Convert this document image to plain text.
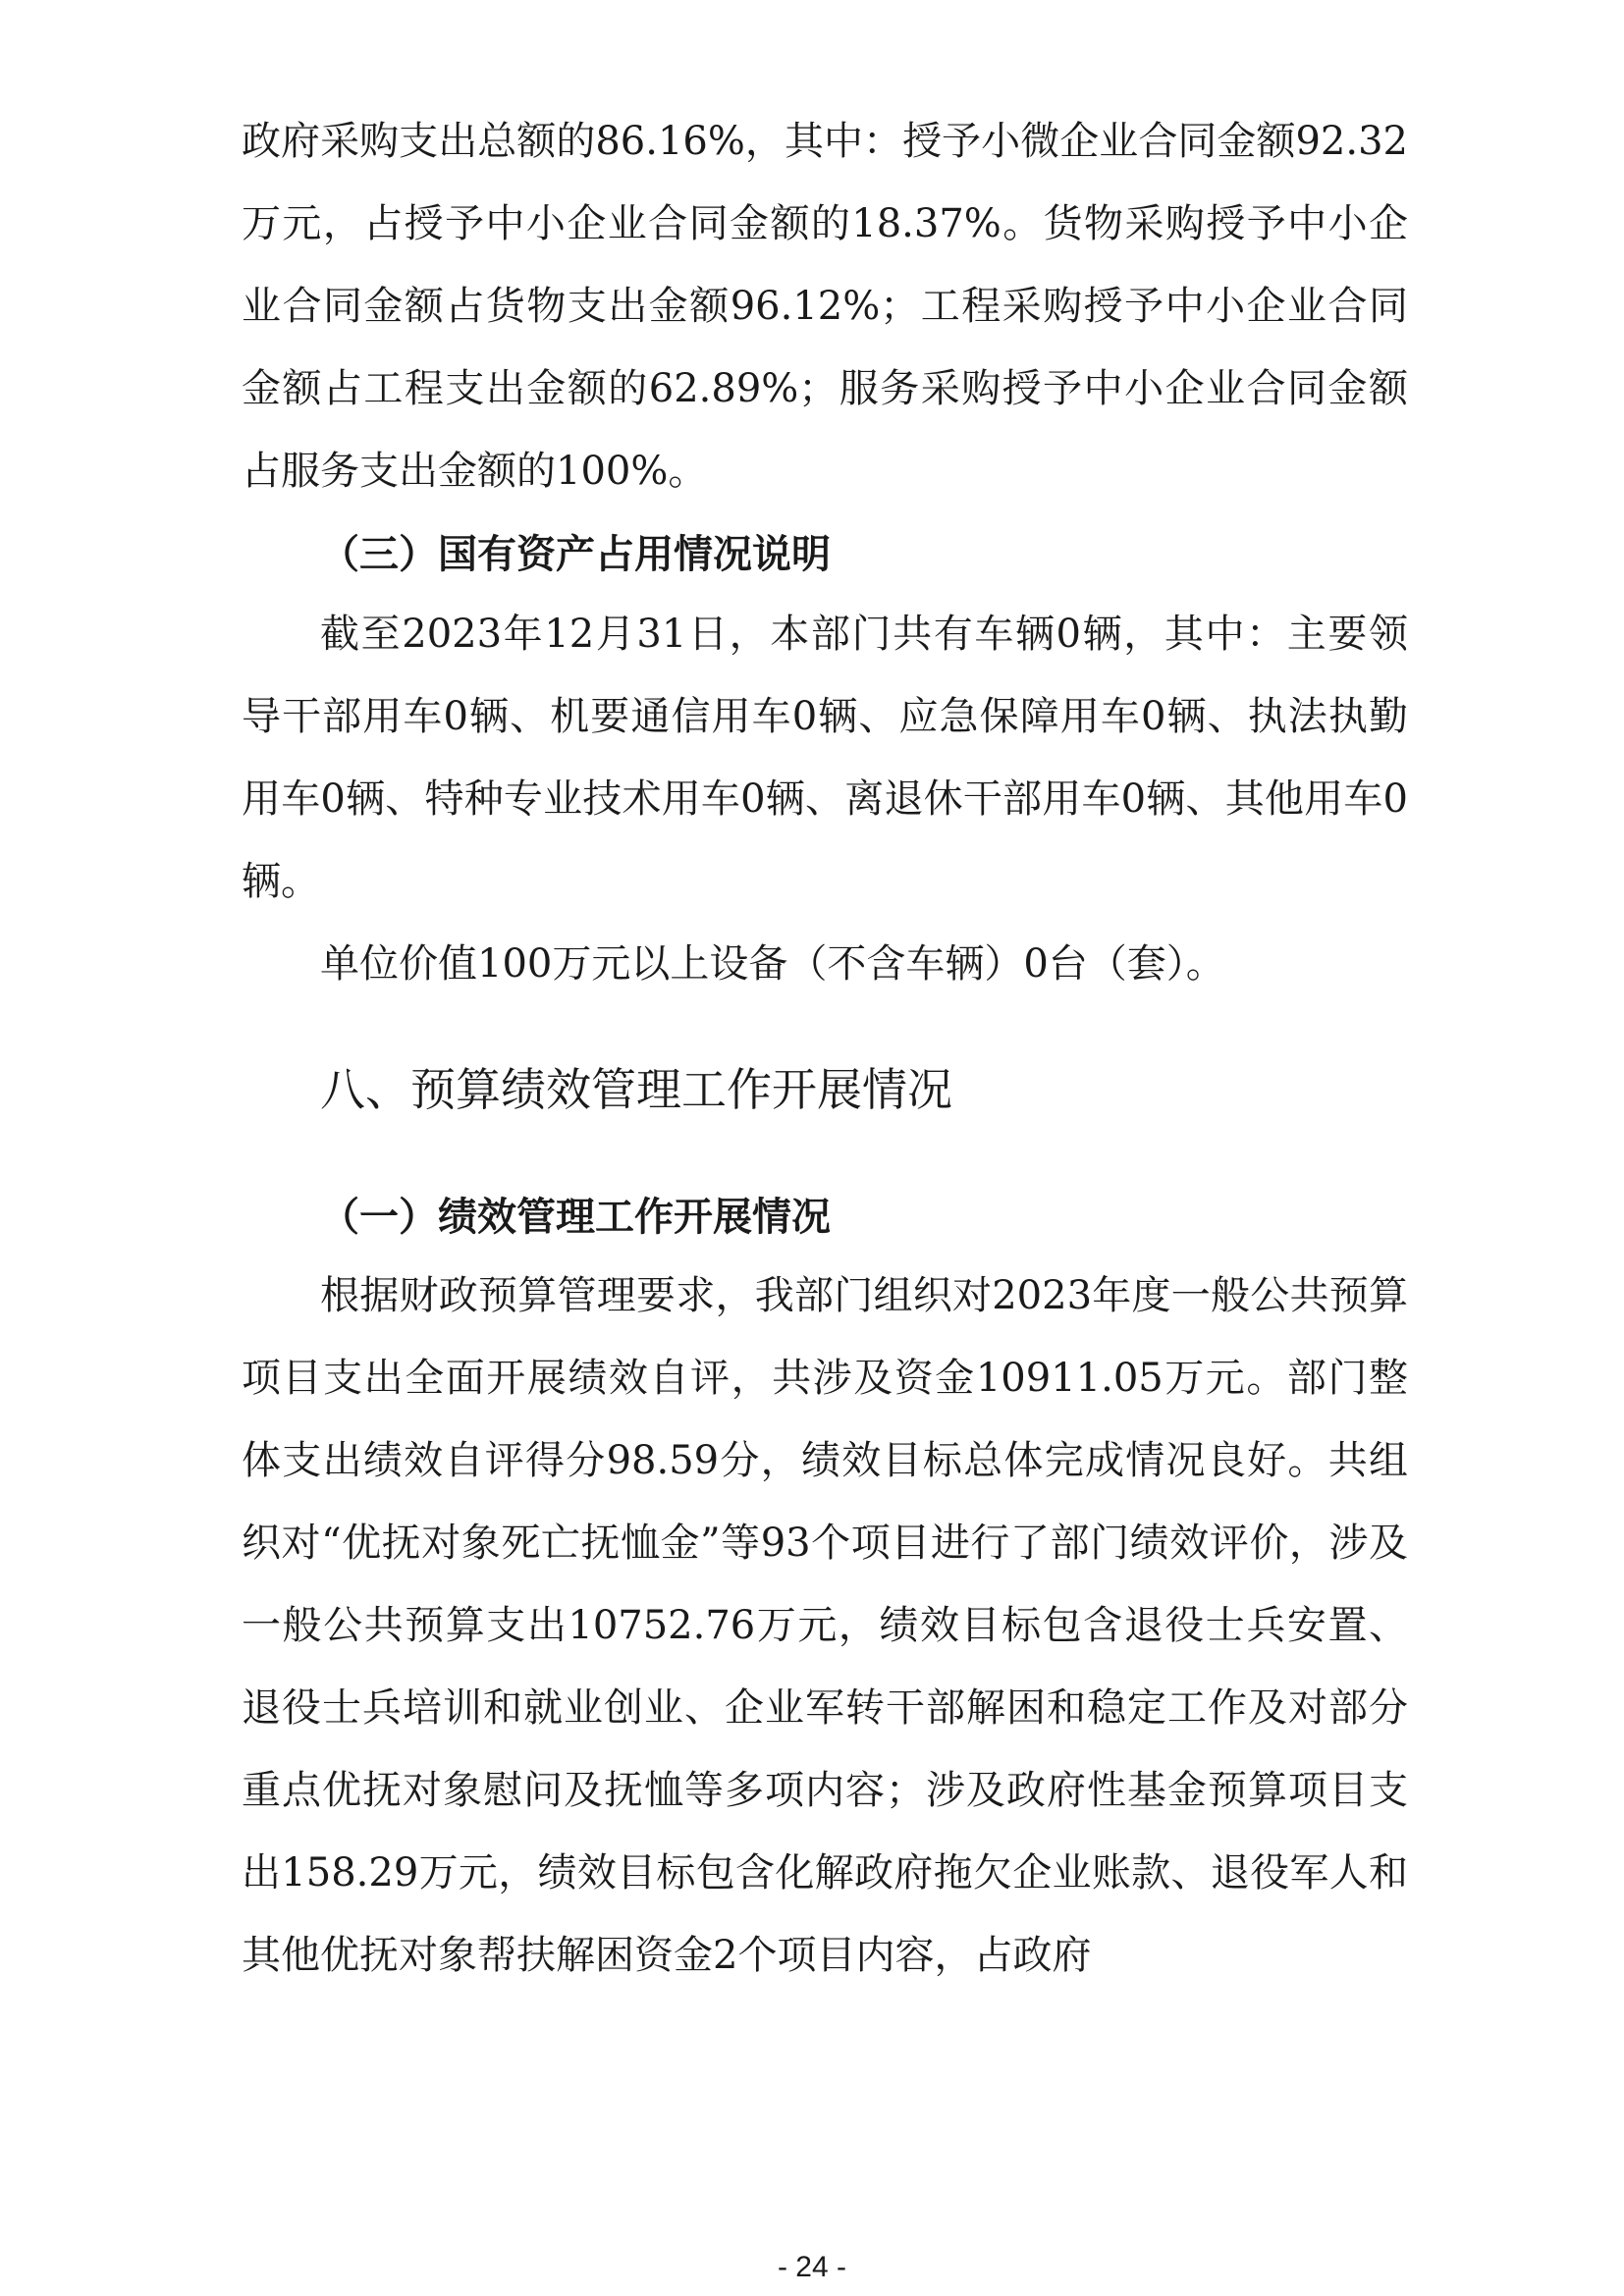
政府采购支出总额的86.16%，其中：授予小微企业合同金额92.32万元，占授予中小企业合同金额的18.37%。货物采购授予中小企业合同金额占货物支出金额96.12%；工程采购授予中小企业合同金额占工程支出金额的62.89%；服务采购授予中小企业合同金额占服务支出金额的100%。

（三）国有资产占用情况说明

截至2023年12月31日，本部门共有车辆0辆，其中：主要领导干部用车0辆、机要通信用车0辆、应急保障用车0辆、执法执勤用车0辆、特种专业技术用车0辆、离退休干部用车0辆、其他用车0辆。

单位价值100万元以上设备（不含车辆）0台（套）。

八、预算绩效管理工作开展情况
（一）绩效管理工作开展情况

根据财政预算管理要求，我部门组织对2023年度一般公共预算项目支出全面开展绩效自评，共涉及资金10911.05万元。部门整体支出绩效自评得分98.59分，绩效目标总体完成情况良好。共组织对“优抚对象死亡抚恤金”等93个项目进行了部门绩效评价，涉及一般公共预算支出10752.76万元，绩效目标包含退役士兵安置、退役士兵培训和就业创业、企业军转干部解困和稳定工作及对部分重点优抚对象慰问及抚恤等多项内容；涉及政府性基金预算项目支出158.29万元，绩效目标包含化解政府拖欠企业账款、退役军人和其他优抚对象帮扶解困资金2个项目内容，占政府

- 24 -
